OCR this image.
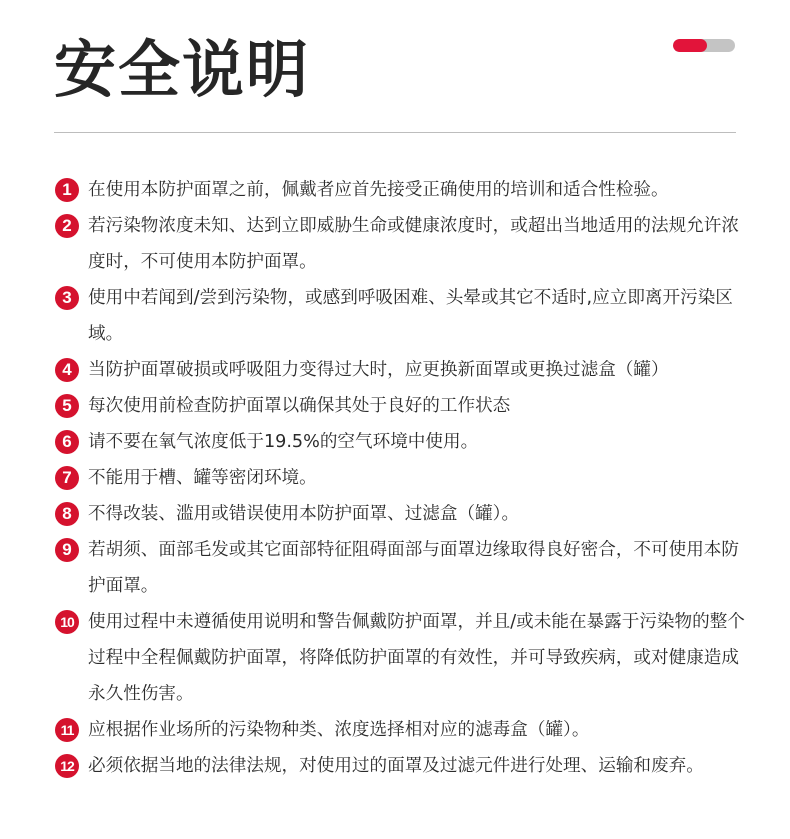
安全说明
1 在使用本防护面罩之前，佩戴者应首先接受正确使用的培训和适合性检验。
2 若污染物浓度未知、达到立即威胁生命或健康浓度时，或超出当地适用的法规允许浓度时，不可使用本防护面罩。
3 使用中若闻到/尝到污染物，或感到呼吸困难、头晕或其它不适时,应立即离开污染区域。
4 当防护面罩破损或呼吸阻力变得过大时，应更换新面罩或更换过滤盒（罐）
5 每次使用前检查防护面罩以确保其处于良好的工作状态
6 请不要在氧气浓度低于19.5%的空气环境中使用。
7 不能用于槽、罐等密闭环境。
8 不得改装、滥用或错误使用本防护面罩、过滤盒（罐）。
9 若胡须、面部毛发或其它面部特征阻碍面部与面罩边缘取得良好密合，不可使用本防护面罩。
10 使用过程中未遵循使用说明和警告佩戴防护面罩，并且/或未能在暴露于污染物的整个过程中全程佩戴防护面罩，将降低防护面罩的有效性，并可导致疾病，或对健康造成永久性伤害。
11 应根据作业场所的污染物种类、浓度选择相对应的滤毒盒（罐）。
12 必须依据当地的法律法规，对使用过的面罩及过滤元件进行处理、运输和废弃。
